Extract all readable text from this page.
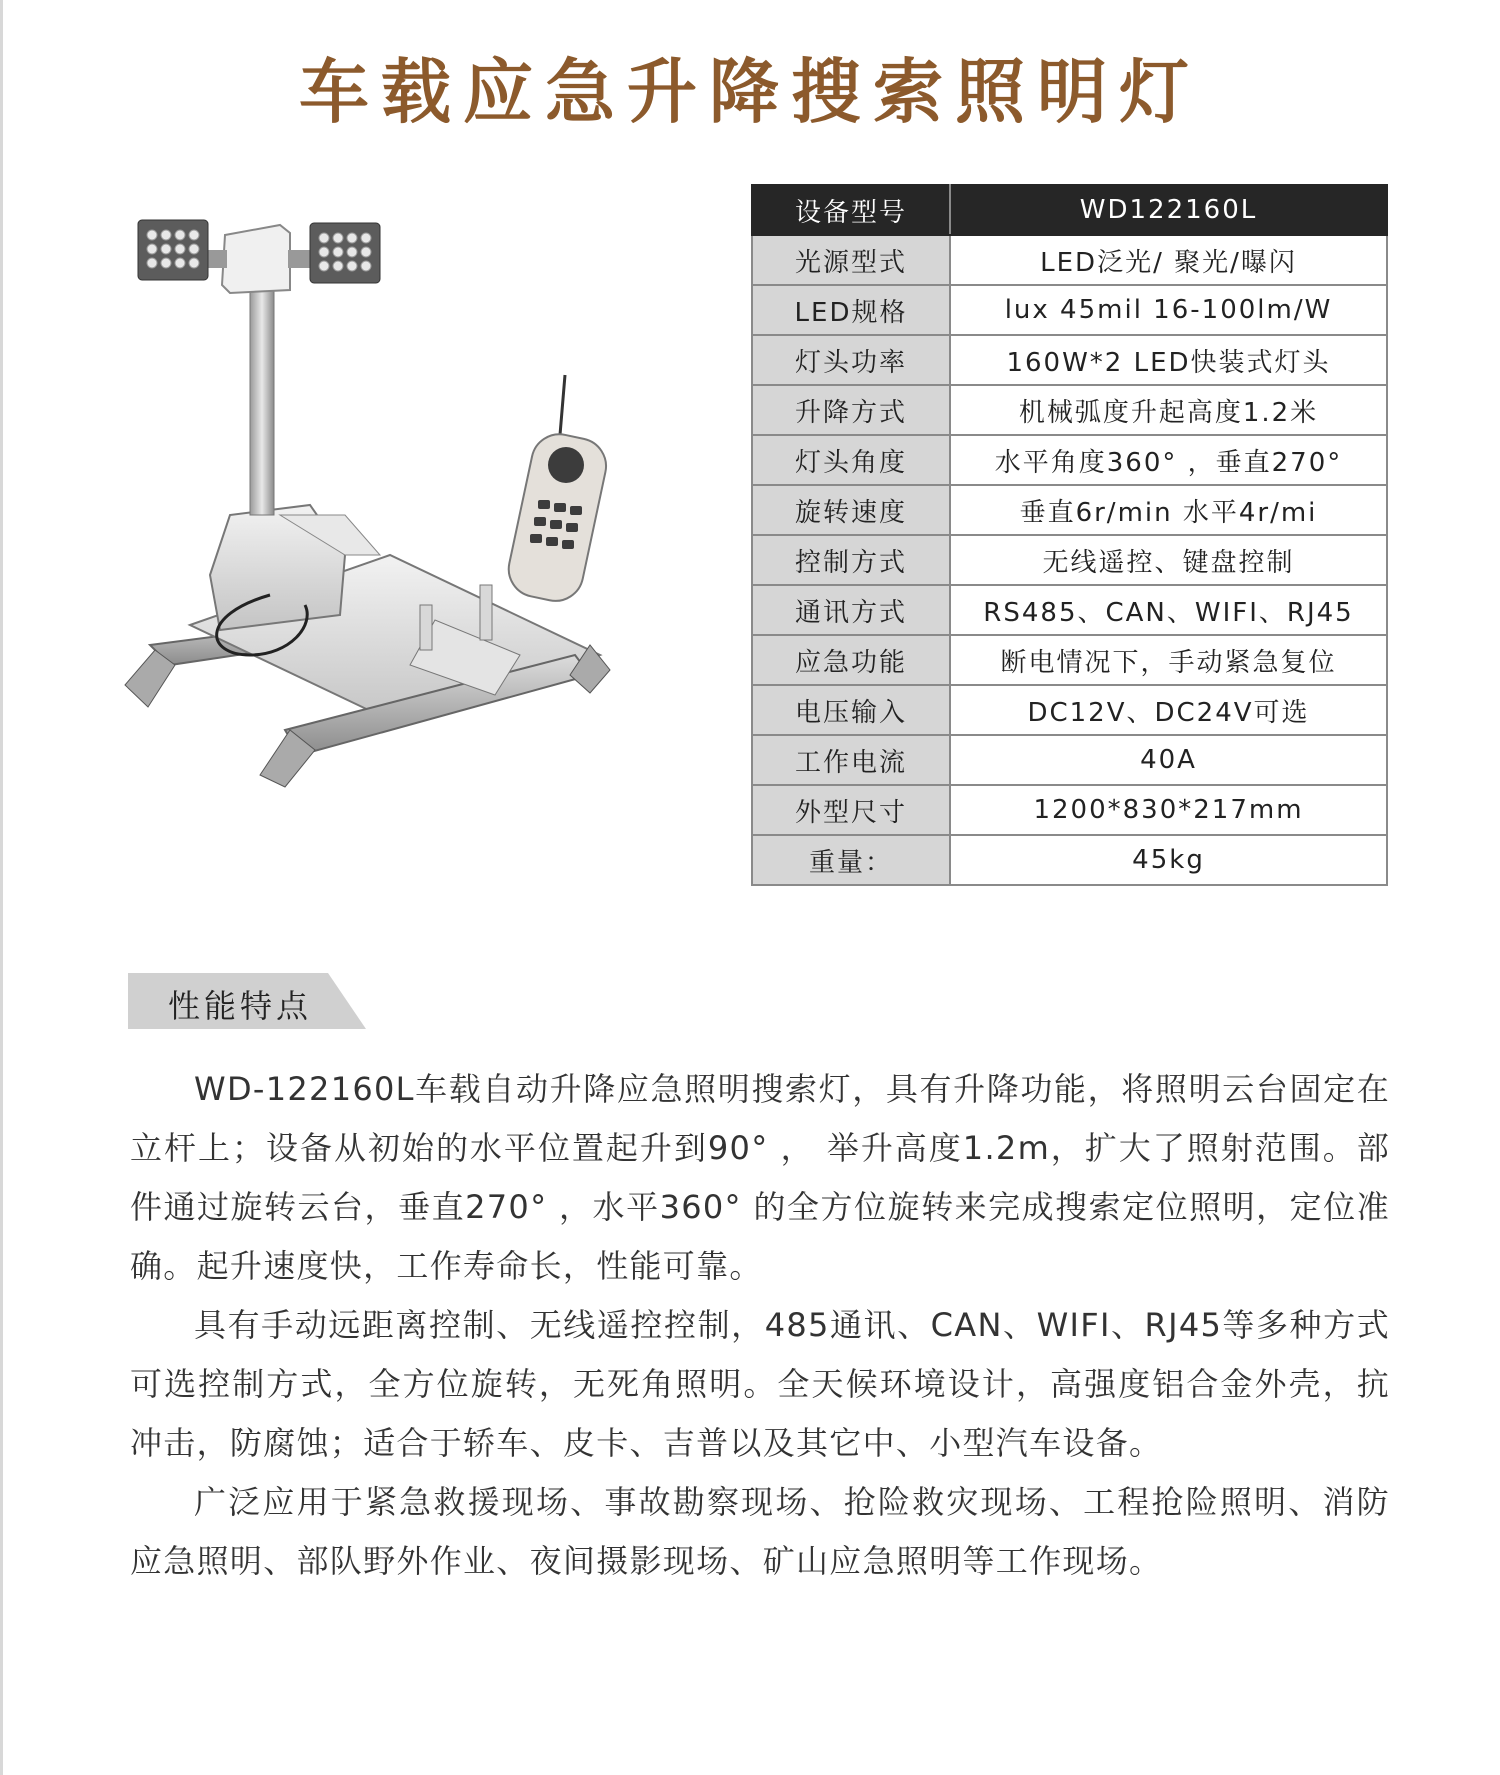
车载应急升降搜索照明灯
设备型号	WD122160L
光源型式	LED泛光/ 聚光/曝闪
LED规格	lux 45mil 16-100lm/W
灯头功率	160W*2 LED快装式灯头
升降方式	机械弧度升起高度1.2米
灯头角度	水平角度360° ，垂直270°
旋转速度	垂直6r/min 水平4r/mi
控制方式	无线遥控、键盘控制
通讯方式	RS485、CAN、WIFI、RJ45
应急功能	断电情况下，手动紧急复位
电压输入	DC12V、DC24V可选
工作电流	40A
外型尺寸	1200*830*217mm
重量：	45kg
性能特点

WD-122160L车载自动升降应急照明搜索灯，具有升降功能，将照明云台固定在立杆上；设备从初始的水平位置起升到90° ， 举升高度1.2m，扩大了照射范围。部件通过旋转云台，垂直270° ，水平360° 的全方位旋转来完成搜索定位照明，定位准确。起升速度快，工作寿命长，性能可靠。

具有手动远距离控制、无线遥控控制，485通讯、CAN、WIFI、RJ45等多种方式可选控制方式，全方位旋转，无死角照明。全天候环境设计，高强度铝合金外壳，抗冲击，防腐蚀；适合于轿车、皮卡、吉普以及其它中、小型汽车设备。

广泛应用于紧急救援现场、事故勘察现场、抢险救灾现场、工程抢险照明、消防应急照明、部队野外作业、夜间摄影现场、矿山应急照明等工作现场。
